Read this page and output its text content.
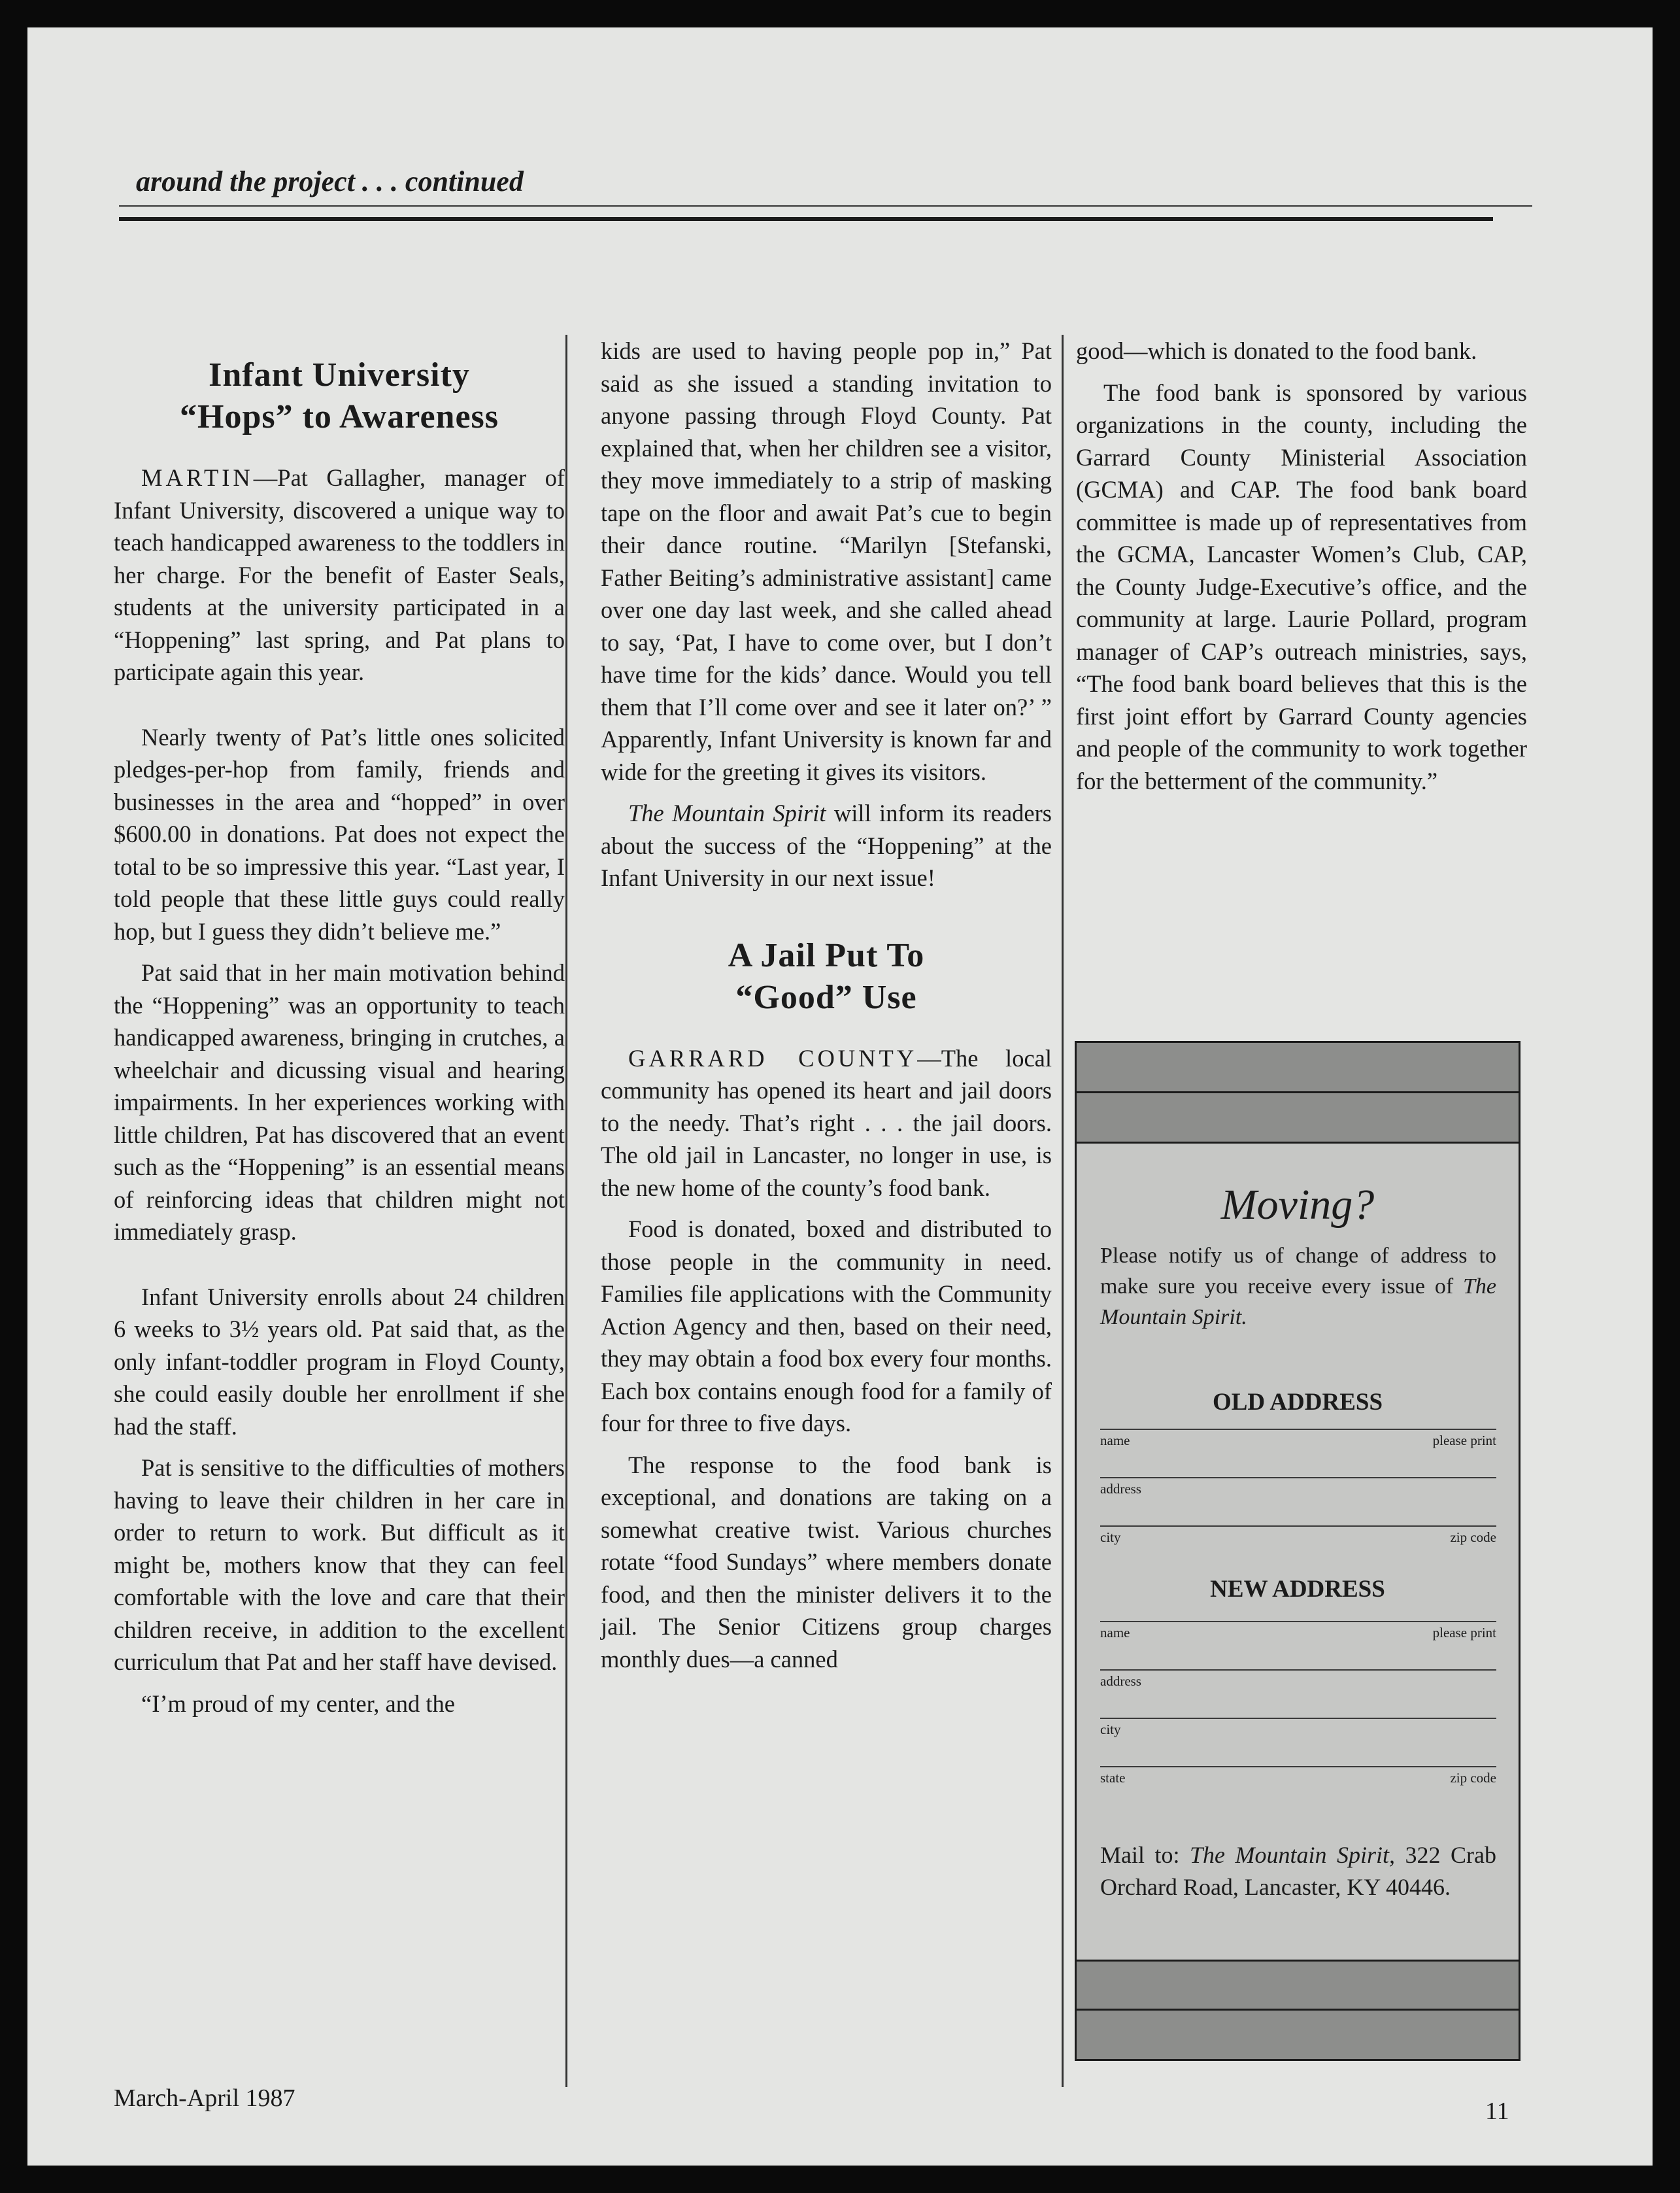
around the project . . . continued
Infant University
“Hops” to Awareness

MARTIN—Pat Gallagher, manager of Infant University, discovered a unique way to teach handicapped awareness to the toddlers in her charge. For the benefit of Easter Seals, students at the university participated in a “Hoppening” last spring, and Pat plans to participate again this year.

Nearly twenty of Pat’s little ones solicited pledges-per-hop from family, friends and businesses in the area and “hopped” in over $600.00 in donations. Pat does not expect the total to be so impressive this year. “Last year, I told people that these little guys could really hop, but I guess they didn’t believe me.”

Pat said that in her main motivation behind the “Hoppening” was an opportunity to teach handicapped awareness, bringing in crutches, a wheelchair and dicussing visual and hearing impairments. In her experiences working with little children, Pat has discovered that an event such as the “Hoppening” is an essential means of reinforcing ideas that children might not immediately grasp.

Infant University enrolls about 24 children 6 weeks to 3½ years old. Pat said that, as the only infant-toddler program in Floyd County, she could easily double her enrollment if she had the staff.

Pat is sensitive to the difficulties of mothers having to leave their children in her care in order to return to work. But difficult as it might be, mothers know that they can feel comfortable with the love and care that their children receive, in addition to the excellent curriculum that Pat and her staff have devised.

“I’m proud of my center, and the

kids are used to having people pop in,” Pat said as she issued a standing invitation to anyone passing through Floyd County. Pat explained that, when her children see a visitor, they move immediately to a strip of masking tape on the floor and await Pat’s cue to begin their dance routine. “Marilyn [Stefanski, Father Beiting’s administrative assistant] came over one day last week, and she called ahead to say, ‘Pat, I have to come over, but I don’t have time for the kids’ dance. Would you tell them that I’ll come over and see it later on?’ ” Apparently, Infant University is known far and wide for the greeting it gives its visitors.

The Mountain Spirit will inform its readers about the success of the “Hoppening” at the Infant University in our next issue!

A Jail Put To
“Good” Use

GARRARD COUNTY—The local community has opened its heart and jail doors to the needy. That’s right . . . the jail doors. The old jail in Lancaster, no longer in use, is the new home of the county’s food bank.

Food is donated, boxed and distributed to those people in the community in need. Families file applications with the Community Action Agency and then, based on their need, they may obtain a food box every four months. Each box contains enough food for a family of four for three to five days.

The response to the food bank is exceptional, and donations are taking on a somewhat creative twist. Various churches rotate “food Sundays” where members donate food, and then the minister delivers it to the jail. The Senior Citizens group charges monthly dues—a canned

good—which is donated to the food bank.

The food bank is sponsored by various organizations in the county, including the Garrard County Ministerial Association (GCMA) and CAP. The food bank board committee is made up of representatives from the GCMA, Lancaster Women’s Club, CAP, the County Judge-Executive’s office, and the community at large. Laurie Pollard, program manager of CAP’s outreach ministries, says, “The food bank board believes that this is the first joint effort by Garrard County agencies and people of the community to work together for the betterment of the community.”

Moving?
Please notify us of change of address to make sure you receive every issue of The Mountain Spirit.
OLD ADDRESS
name	please print
address
city	zip code
NEW ADDRESS
name	please print
address
city
state	zip code
Mail to: The Mountain Spirit, 322 Crab Orchard Road, Lancaster, KY 40446.
March-April 1987	11
